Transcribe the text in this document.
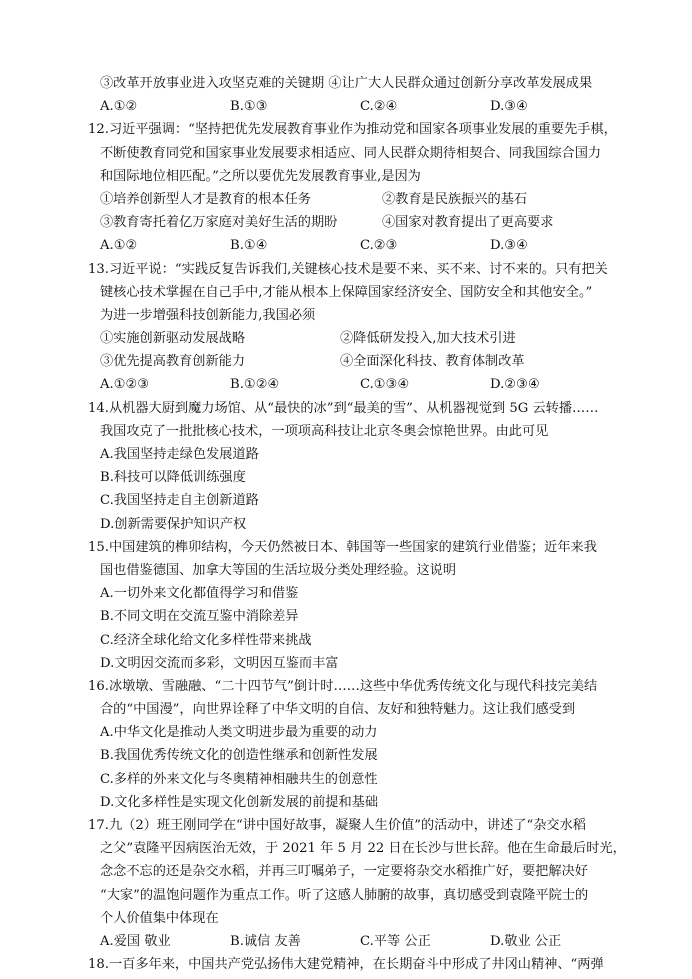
③改革开放事业进入攻坚克难的关键期 ④让广大人民群众通过创新分享改革发展成果
A.①②	B.①③	C.②④	D.③④
12.习近平强调：“坚持把优先发展教育事业作为推动党和国家各项事业发展的重要先手棋，
不断使教育同党和国家事业发展要求相适应、同人民群众期待相契合、同我国综合国力
和国际地位相匹配。”之所以要优先发展教育事业,是因为
①培养创新型人才是教育的根本任务	②教育是民族振兴的基石
③教育寄托着亿万家庭对美好生活的期盼	④国家对教育提出了更高要求
A.①②	B.①④	C.②③	D.③④
13.习近平说：“实践反复告诉我们,关键核心技术是要不来、买不来、讨不来的。只有把关
键核心技术掌握在自己手中,才能从根本上保障国家经济安全、国防安全和其他安全。”
为进一步增强科技创新能力,我国必须
①实施创新驱动发展战略	②降低研发投入,加大技术引进
③优先提高教育创新能力	④全面深化科技、教育体制改革
A.①②③	B.①②④	C.①③④	D.②③④
14.从机器大厨到魔力场馆、从“最快的冰”到“最美的雪”、从机器视觉到 5G 云转播……
我国攻克了一批批核心技术，一项项高科技让北京冬奥会惊艳世界。由此可见
A.我国坚持走绿色发展道路
B.科技可以降低训练强度
C.我国坚持走自主创新道路
D.创新需要保护知识产权
15.中国建筑的榫卯结构，今天仍然被日本、韩国等一些国家的建筑行业借鉴；近年来我
国也借鉴德国、加拿大等国的生活垃圾分类处理经验。这说明
A.一切外来文化都值得学习和借鉴
B.不同文明在交流互鉴中消除差异
C.经济全球化给文化多样性带来挑战
D.文明因交流而多彩，文明因互鉴而丰富
16.冰墩墩、雪融融、“二十四节气”倒计时……这些中华优秀传统文化与现代科技完美结
合的“中国漫”，向世界诠释了中华文明的自信、友好和独特魅力。这让我们感受到
A.中华文化是推动人类文明进步最为重要的动力
B.我国优秀传统文化的创造性继承和创新性发展
C.多样的外来文化与冬奥精神相融共生的创意性
D.文化多样性是实现文化创新发展的前提和基础
17.九（2）班王刚同学在“讲中国好故事，凝聚人生价值”的活动中，讲述了“杂交水稻
之父”袁隆平因病医治无效，于 2021 年 5 月 22 日在长沙与世长辞。他在生命最后时光，
念念不忘的还是杂交水稻，并再三叮嘱弟子，一定要将杂交水稻推广好，要把解决好
“大家”的温饱问题作为重点工作。听了这感人肺腑的故事，真切感受到袁隆平院士的
个人价值集中体现在
A.爱国 敬业	B.诚信 友善	C.平等 公正	D.敬业 公正
18.一百多年来，中国共产党弘扬伟大建党精神，在长期奋斗中形成了井冈山精神、“两弹
